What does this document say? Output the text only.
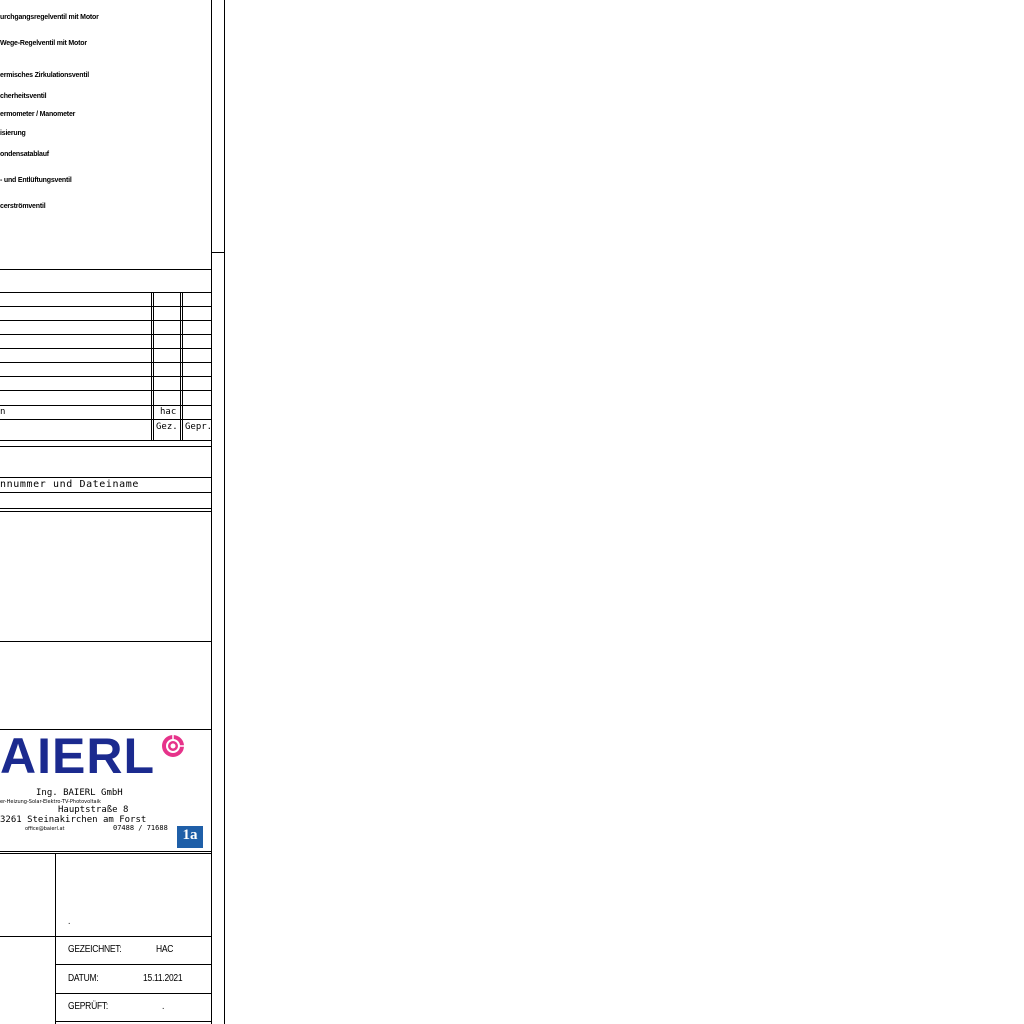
urchgangsregelventil mit Motor
Wege-Regelventil mit Motor
ermisches Zirkulationsventil
cherheitsventil
ermometer / Manometer
isierung
ondensatablauf
- und Entlüftungsventil
cerströmventil
n	hac
Gez. Gepr.
nnummer und Dateiname
AIERL
Ing. BAIERL GmbH
er-Heizung-Solar-Elektro-TV-Photovoltaik
Hauptstraße 8
3261 Steinakirchen am Forst
office@baierl.at	07488 / 71688 1a
.
GEZEICHNET:	HAC
DATUM:	15.11.2021
GEPRÜFT:	.
